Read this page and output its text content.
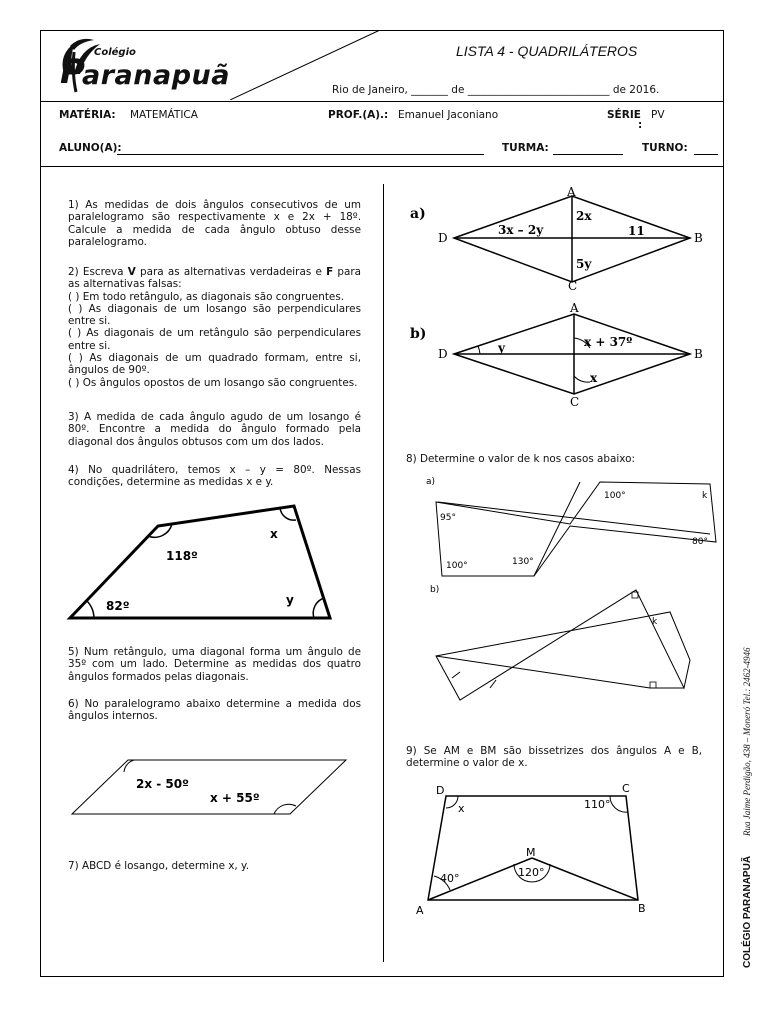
Colégio
P
aranapuã
LISTA 4 - QUADRILÁTEROS
Rio de Janeiro, _______ de ___________________________ de 2016.
MATÉRIA: MATEMÁTICA	PROF.(A).: Emanuel Jaconiano	SÉRIE
:
PV
ALUNO(A):	TURMA:	TURNO:

1) As medidas de dois ângulos consecutivos de um paralelogramo são respectivamente x e 2x + 18º. Calcule a medida de cada ângulo obtuso desse paralelogramo.

2) Escreva V para as alternativas verdadeiras e F para as alternativas falsas:

( ) Em todo retângulo, as diagonais são congruentes.

( ) As diagonais de um losango são perpendiculares entre si.

( ) As diagonais de um retângulo são perpendiculares entre si.

( ) As diagonais de um quadrado formam, entre si, ângulos de 90º.

( ) Os ângulos opostos de um losango são congruentes.

3) A medida de cada ângulo agudo de um losango é 80º. Encontre a medida do ângulo formado pela diagonal dos ângulos obtusos com um dos lados.

4) No quadrilátero, temos x – y = 80º. Nessas condições, determine as medidas x e y.

118º
x
82º	y

5) Num retângulo, uma diagonal forma um ângulo de 35º com um lado. Determine as medidas dos quatro ângulos formados pelas diagonais.

6) No paralelogramo abaixo determine a medida dos ângulos internos.

2x - 50º
x + 55º

7) ABCD é losango, determine x, y.

a)
A
B
C
D
3x – 2y
2x
11
5y
b)
A
B
C
D	y	x + 37º
x
8) Determine o valor de k nos casos abaixo:
a)
95°
100°	130°
100°	k
80°
b)
k
9) Se AM e BM são bissetrizes dos ângulos A e B, determine o valor de x.
D	C
A	B
M
x	110°
40°	120°	COLÉGIO PARANAPUÃ
Rua Jaime Perdigão, 438 – Moneró Tel.: 2462-4946
